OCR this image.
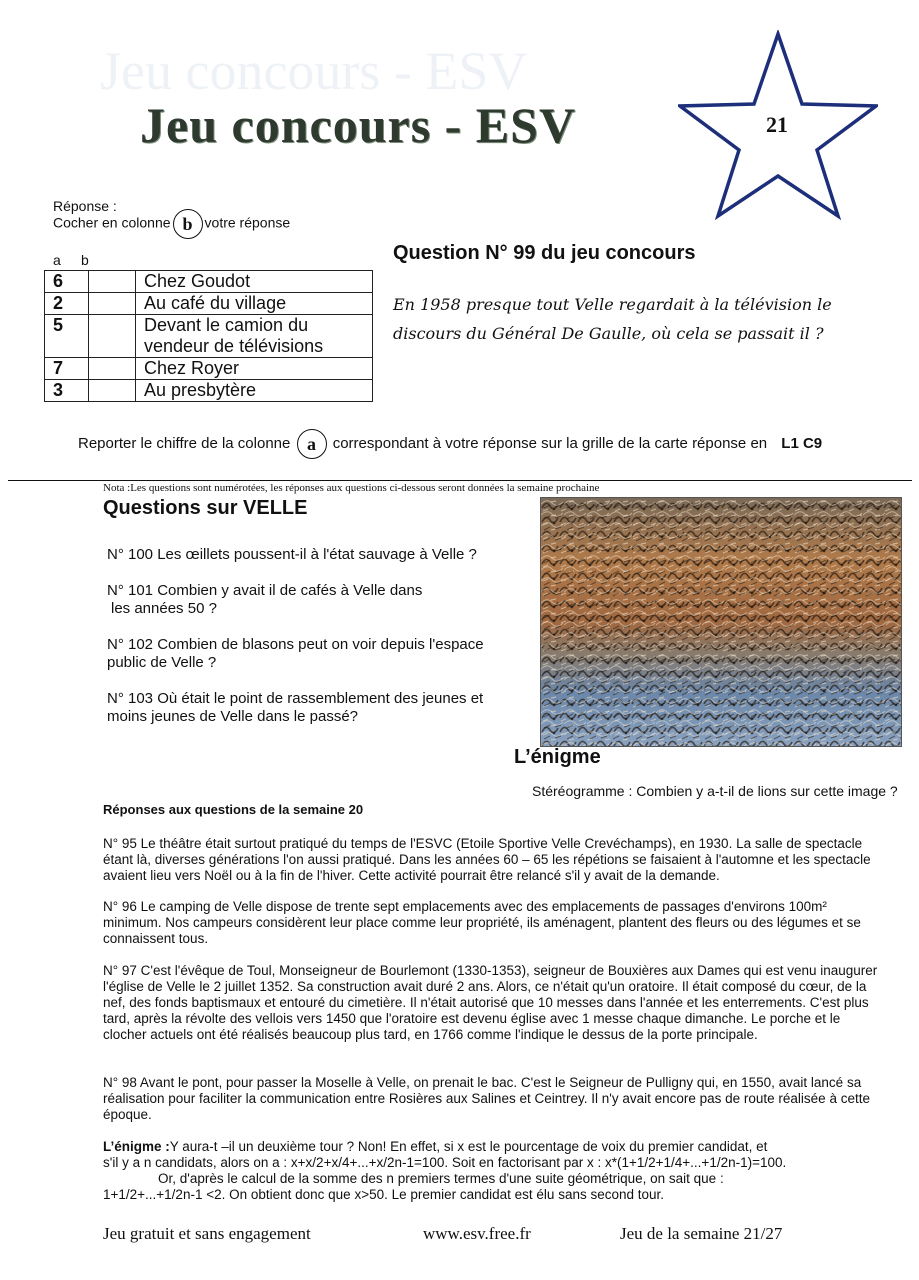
Jeu concours - ESV
Jeu concours - ESV	21
Réponse :
Cocher en colonne b votre réponse
a b
6		Chez Goudot
2		Au café du village
5		Devant le camion du vendeur de télévisions
7		Chez Royer
3		Au presbytère
Question N° 99 du jeu concours
En 1958 presque tout Velle regardait à la télévision le discours du Général De Gaulle, où cela se passait il ?
Reporter le chiffre de la colonne a correspondant à votre réponse sur la grille de la carte réponse en L1 C9
Nota :Les questions sont numérotées, les réponses aux questions ci-dessous seront données la semaine prochaine
Questions sur VELLE
N° 100 Les œillets poussent-il à l'état sauvage à Velle ?
N° 101 Combien y avait il de cafés à Velle dans
les années 50 ?
N° 102 Combien de blasons peut on voir depuis l'espace
public de Velle ?
N° 103 Où était le point de rassemblement des jeunes et
moins jeunes de Velle dans le passé?
L’énigme
Stéréogramme : Combien y a-t-il de lions sur cette image ?
Réponses aux questions de la semaine 20
N° 95 Le théâtre était surtout pratiqué du temps de l'ESVC (Etoile Sportive Velle Crevéchamps), en 1930. La salle de spectacle étant là, diverses générations l'on aussi pratiqué. Dans les années 60 – 65 les répétions se faisaient à l'automne et les spectacle avaient lieu vers Noël ou à la fin de l'hiver. Cette activité pourrait être relancé s'il y avait de la demande.
N° 96 Le camping de Velle dispose de trente sept emplacements avec des emplacements de passages d'environs 100m² minimum. Nos campeurs considèrent leur place comme leur propriété, ils aménagent, plantent des fleurs ou des légumes et se connaissent tous.
N° 97 C'est l'évêque de Toul, Monseigneur de Bourlemont (1330-1353), seigneur de Bouxières aux Dames qui est venu inaugurer l'église de Velle le 2 juillet 1352. Sa construction avait duré 2 ans. Alors, ce n'était qu'un oratoire. Il était composé du cœur, de la nef, des fonds baptismaux et entouré du cimetière. Il n'était autorisé que 10 messes dans l'année et les enterrements. C'est plus tard, après la révolte des vellois vers 1450 que l'oratoire est devenu église avec 1 messe chaque dimanche. Le porche et le clocher actuels ont été réalisés beaucoup plus tard, en 1766 comme l'indique le dessus de la porte principale.
N° 98 Avant le pont, pour passer la Moselle à Velle, on prenait le bac. C'est le Seigneur de Pulligny qui, en 1550, avait lancé sa réalisation pour faciliter la communication entre Rosières aux Salines et Ceintrey. Il n'y avait encore pas de route réalisée à cette époque.
L’énigme :Y aura-t –il un deuxième tour ? Non! En effet, si x est le pourcentage de voix du premier candidat, et
s'il y a n candidats, alors on a : x+x/2+x/4+...+x/2n-1=100. Soit en factorisant par x : x*(1+1/2+1/4+...+1/2n-1)=100.
Or, d'après le calcul de la somme des n premiers termes d'une suite géométrique, on sait que :
1+1/2+...+1/2n-1 <2. On obtient donc que x>50. Le premier candidat est élu sans second tour.
Jeu gratuit et sans engagement	www.esv.free.fr	Jeu de la semaine 21/27
